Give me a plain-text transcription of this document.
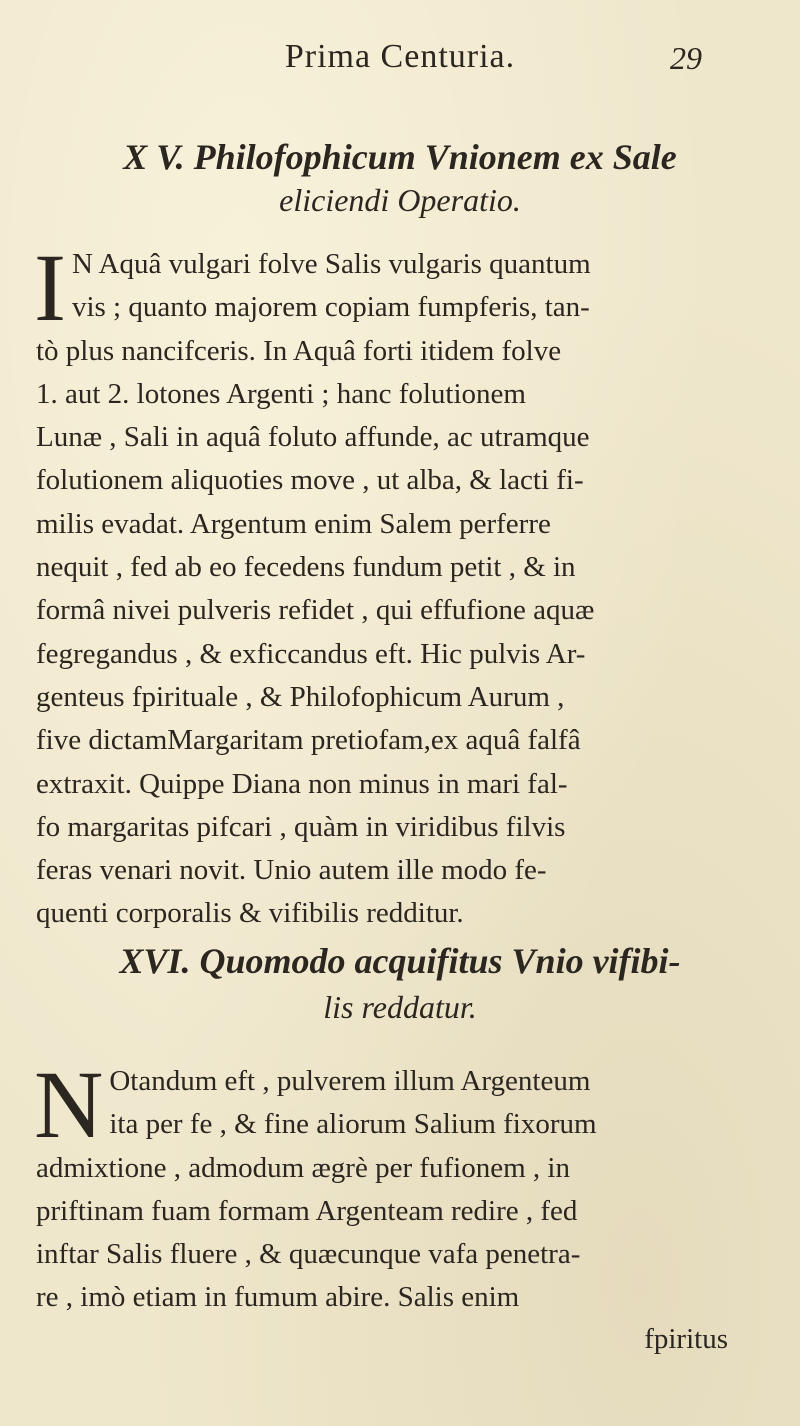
Prima Centuria.	29
X V. Philofophicum Vnionem ex Sale
eliciendi Operatio.
I N Aquâ vulgari folve Salis vulgaris quantum
vis ; quanto majorem copiam fumpferis, tan-
tò plus nancifceris. In Aquâ forti itidem folve
1. aut 2. lotones Argenti ; hanc folutionem
Lunæ , Sali in aquâ foluto affunde, ac utramque
folutionem aliquoties move , ut alba, & lacti fi-
milis evadat. Argentum enim Salem perferre
nequit , fed ab eo fecedens fundum petit , & in
formâ nivei pulveris refidet , qui effufione aquæ
fegregandus , & exficcandus eft. Hic pulvis Ar-
genteus fpirituale , & Philofophicum Aurum ,
five dictamMargaritam pretiofam,ex aquâ falfâ
extraxit. Quippe Diana non minus in mari fal-
fo margaritas pifcari , quàm in viridibus filvis
feras venari novit. Unio autem ille modo fe-
quenti corporalis & vifibilis redditur.
XVI. Quomodo acquifitus Vnio vifibi-
lis reddatur.
N Otandum eft , pulverem illum Argenteum
ita per fe , & fine aliorum Salium fixorum
admixtione , admodum ægrè per fufionem , in
priftinam fuam formam Argenteam redire , fed
inftar Salis fluere , & quæcunque vafa penetra-
re , imò etiam in fumum abire. Salis enim
fpiritus
